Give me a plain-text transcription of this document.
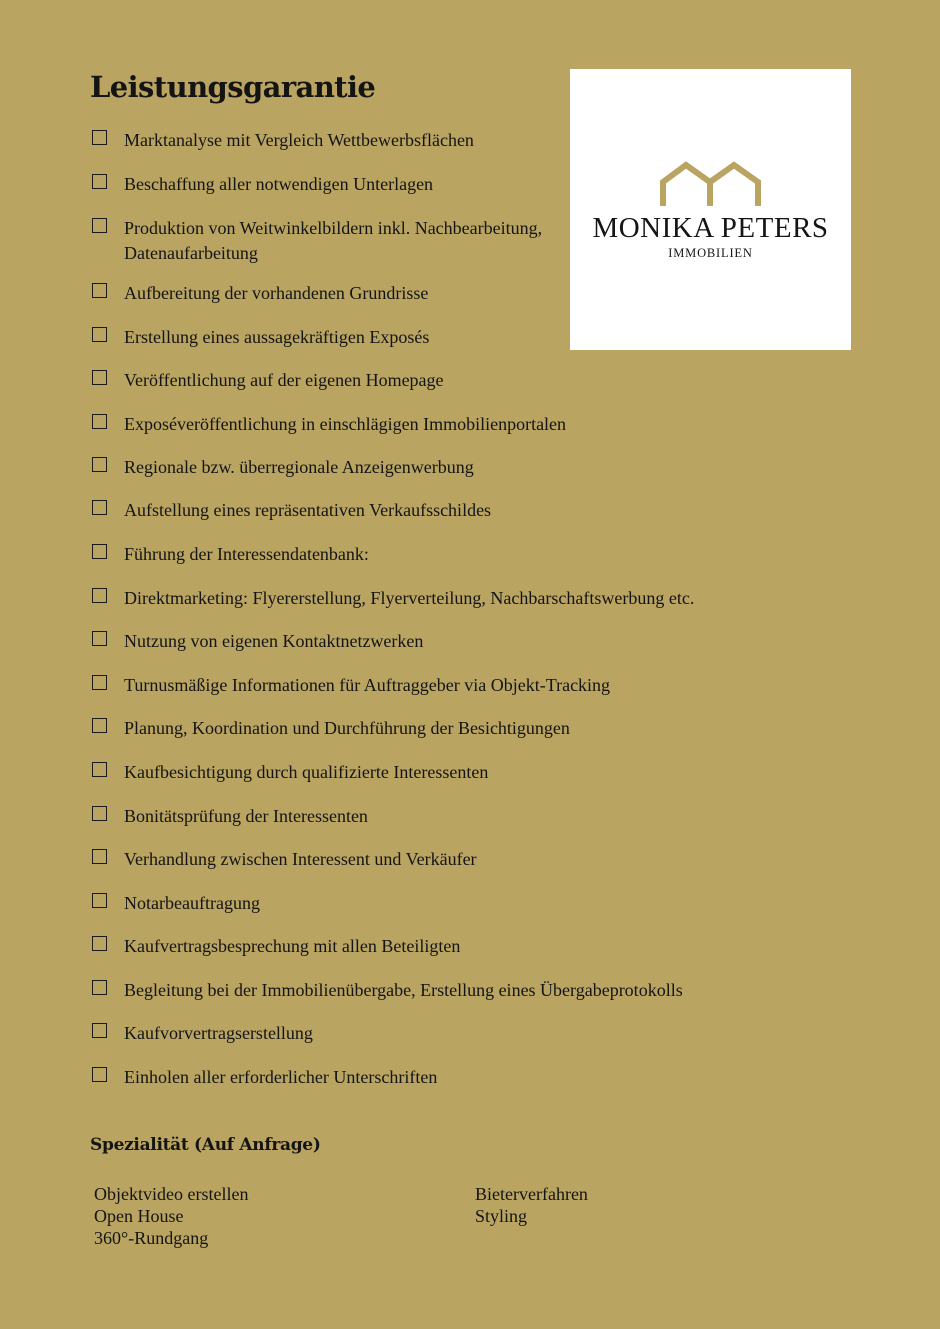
Leistungsgarantie
MONIKA PETERS
IMMOBILIEN
Marktanalyse mit Vergleich Wettbewerbsflächen
Beschaffung aller notwendigen Unterlagen
Produktion von Weitwinkelbildern inkl. Nachbearbeitung, Datenaufarbeitung
Aufbereitung der vorhandenen Grundrisse
Erstellung eines aussagekräftigen Exposés
Veröffentlichung auf der eigenen Homepage
Exposéveröffentlichung in einschlägigen Immobilienportalen
Regionale bzw. überregionale Anzeigenwerbung
Aufstellung eines repräsentativen Verkaufsschildes
Führung der Interessendatenbank:
Direktmarketing: Flyererstellung, Flyerverteilung, Nachbarschaftswerbung etc.
Nutzung von eigenen Kontaktnetzwerken
Turnusmäßige Informationen für Auftraggeber via Objekt-Tracking
Planung, Koordination und Durchführung der Besichtigungen
Kaufbesichtigung durch qualifizierte Interessenten
Bonitätsprüfung der Interessenten
Verhandlung zwischen Interessent und Verkäufer
Notarbeauftragung
Kaufvertragsbesprechung mit allen Beteiligten
Begleitung bei der Immobilienübergabe, Erstellung eines Übergabeprotokolls
Kaufvorvertragserstellung
Einholen aller erforderlicher Unterschriften
Spezialität (Auf Anfrage)
Objektvideo erstellen
Open House
360°-Rundgang
Bieterverfahren
Styling
